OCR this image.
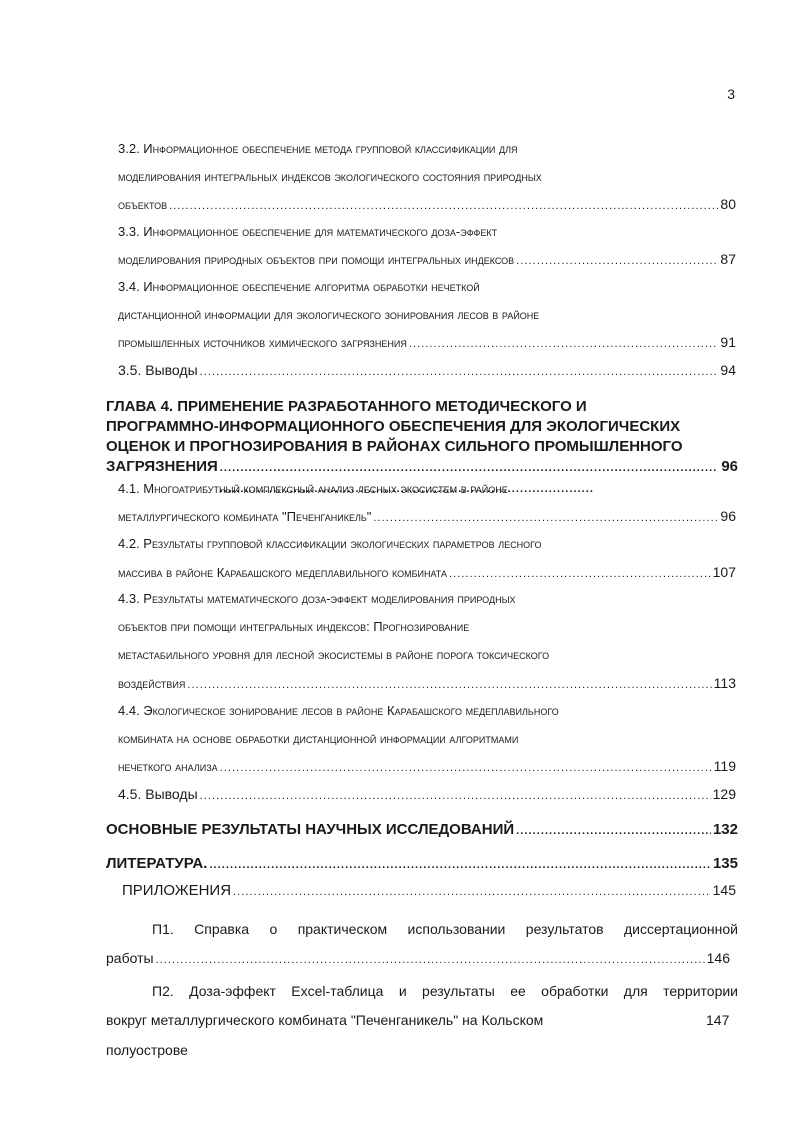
3
3.2. Информационное обеспечение метода групповой классификации для
моделирования интегральных индексов экологического состояния природных
объектов . . .	80
3.3. Информационное обеспечение для математического доза-эффект
моделирования природных объектов при помощи интегральных индексов . . .	87
3.4. Информационное обеспечение алгоритма обработки нечеткой
дистанционной информации для экологического зонирования лесов в районе
промышленных источников химического загрязнения . . .	91
3.5. Выводы . . .	94
ГЛАВА 4. ПРИМЕНЕНИЕ РАЗРАБОТАННОГО МЕТОДИЧЕСКОГО И
ПРОГРАММНО-ИНФОРМАЦИОННОГО ОБЕСПЕЧЕНИЯ ДЛЯ ЭКОЛОГИЧЕСКИХ
ОЦЕНОК И ПРОГНОЗИРОВАНИЯ В РАЙОНАХ СИЛЬНОГО ПРОМЫШЛЕННОГО
ЗАГРЯЗНЕНИЯ . . .	96
4.1. Многоатрибутный комплексный анализ лесных экосистем в районе
металлургического комбината "Печенганикель" . . .	96
4.2. Результаты групповой классификации экологических параметров лесного
массива в районе Карабашского медеплавильного комбината . . .	107
4.3. Результаты математического доза-эффект моделирования природных
объектов при помощи интегральных индексов: Прогнозирование
метастабильного уровня для лесной экосистемы в районе порога токсического
воздействия . . .	113
4.4. Экологическое зонирование лесов в районе Карабашского медеплавильного
комбината на основе обработки дистанционной информации алгоритмами
нечеткого анализа . . .	119
4.5. Выводы . . .	129
ОСНОВНЫЕ РЕЗУЛЬТАТЫ НАУЧНЫХ ИССЛЕДОВАНИЙ . . .	132
ЛИТЕРАТУРА. . . .	135
ПРИЛОЖЕНИЯ . . .	145
П1. Справка о практическом использовании результатов диссертационной
работы . . .	146
П2. Доза-эффект Excel-таблица и результаты ее обработки для территории
вокруг металлургического комбината "Печенганикель" на Кольском	147
полуострове
